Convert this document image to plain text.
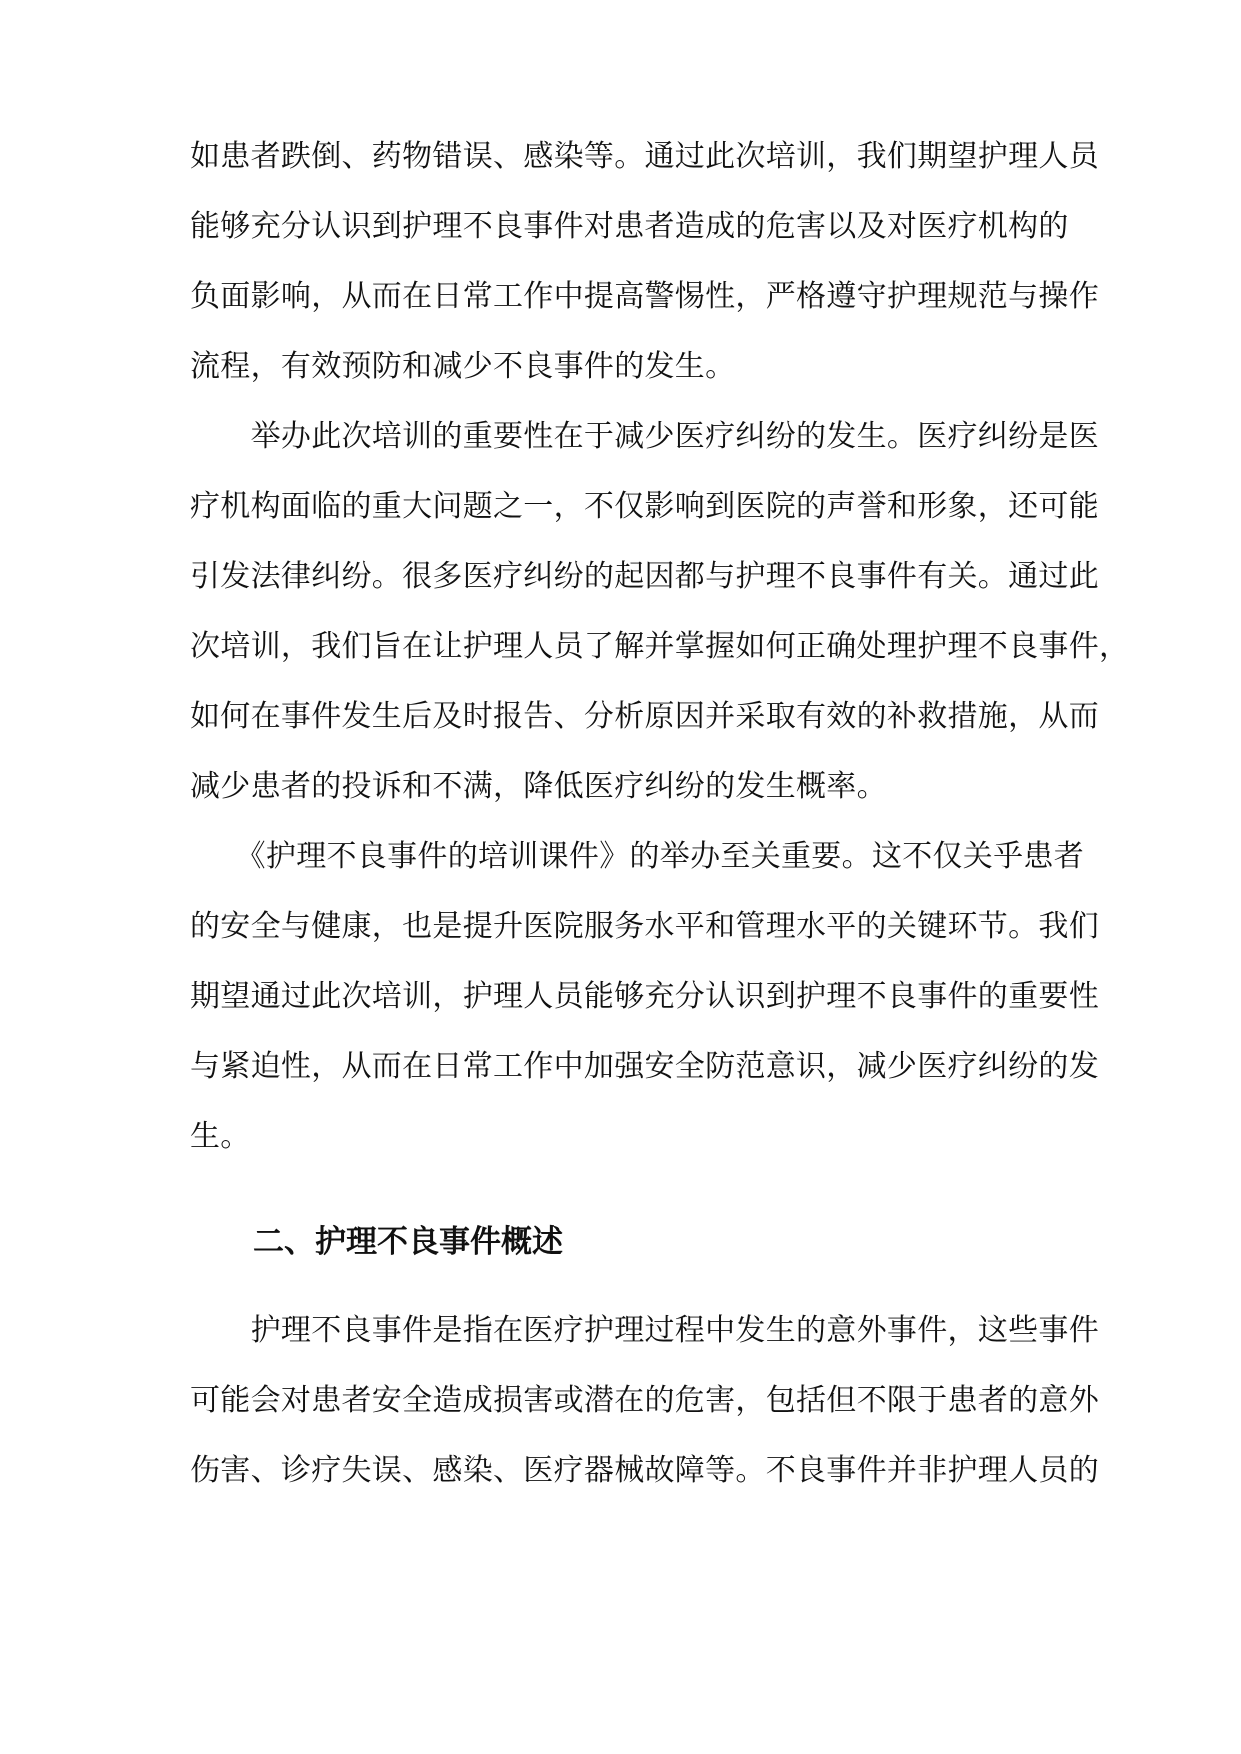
如患者跌倒、药物错误、感染等。通过此次培训，我们期望护理人员
能够充分认识到护理不良事件对患者造成的危害以及对医疗机构的
负面影响，从而在日常工作中提高警惕性，严格遵守护理规范与操作
流程，有效预防和减少不良事件的发生。
　　举办此次培训的重要性在于减少医疗纠纷的发生。医疗纠纷是医
疗机构面临的重大问题之一，不仅影响到医院的声誉和形象，还可能
引发法律纠纷。很多医疗纠纷的起因都与护理不良事件有关。通过此
次培训，我们旨在让护理人员了解并掌握如何正确处理护理不良事件，
如何在事件发生后及时报告、分析原因并采取有效的补救措施，从而
减少患者的投诉和不满，降低医疗纠纷的发生概率。
　　《护理不良事件的培训课件》的举办至关重要。这不仅关乎患者
的安全与健康，也是提升医院服务水平和管理水平的关键环节。我们
期望通过此次培训，护理人员能够充分认识到护理不良事件的重要性
与紧迫性，从而在日常工作中加强安全防范意识，减少医疗纠纷的发
生。
二、护理不良事件概述
　　护理不良事件是指在医疗护理过程中发生的意外事件，这些事件
可能会对患者安全造成损害或潜在的危害，包括但不限于患者的意外
伤害、诊疗失误、感染、医疗器械故障等。不良事件并非护理人员的
